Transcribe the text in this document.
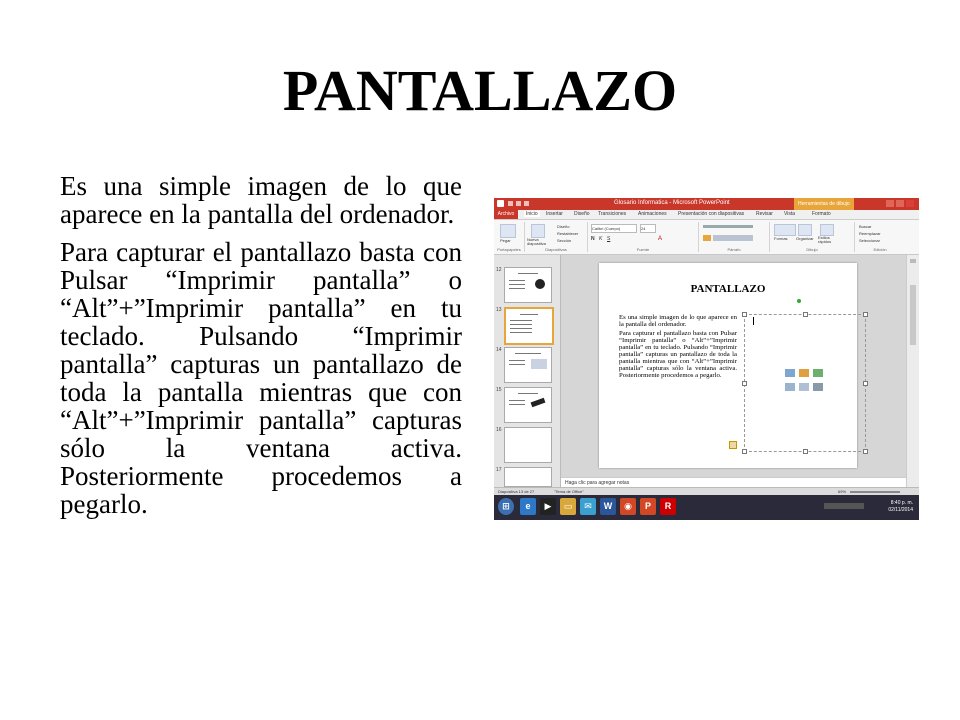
PANTALLAZO

Es una simple imagen de lo que aparece en la pantalla del ordenador.

Para capturar el pantallazo basta con Pulsar “Imprimir pantalla” o “Alt”+”Imprimir pantalla” en tu teclado. Pulsando “Imprimir pantalla” capturas un pantallazo de toda la pantalla mientras que con “Alt”+”Imprimir pantalla” capturas sólo la ventana activa. Posteriormente procedemos a pegarlo.

Glosario Informatica - Microsoft PowerPoint	Herramientas de dibujo
Archivo	Inicio	Insertar Diseño Transiciones Animaciones Presentación con diapositivas Revisar Vista	Formato
Pegar
Portapapeles
Nueva diapositiva
Diseño
Restablecer
Sección
Diapositivas
Calibri (Cuerpo)	24
N K S	A
Fuente	Párrafo
Formas Organizar Estilos rápidos
Dibujo
Buscar
Reemplazar
Seleccionar
Edición
12
13
14
15
16
17
PANTALLAZO

Es una simple imagen de lo que aparece en la pantalla del ordenador.

Para capturar el pantallazo basta con Pulsar “Imprimir pantalla” o “Alt”+”Imprimir pantalla” en tu teclado. Pulsando “Imprimir pantalla” capturas un pantallazo de toda la pantalla mientras que con “Alt”+”Imprimir pantalla” capturas sólo la ventana activa. Posteriormente procedemos a pegarlo.

Haga clic para agregar notas
Diapositiva 13 de 27	"Tema de Office"	69%
⊞	e	▶	▭	✉	W	◉	P	R	8:40 p. m.
02/11/2014
